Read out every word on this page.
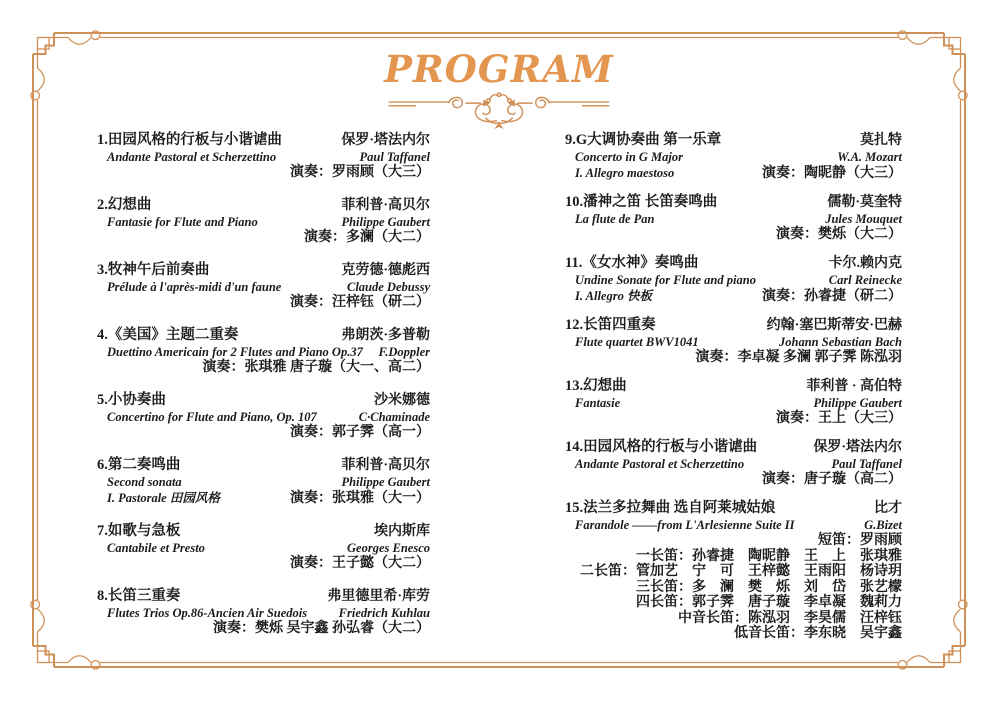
PROGRAM
1.田园风格的行板与小谐谑曲	保罗·塔法内尔
Andante Pastoral et Scherzettino	Paul Taffanel
演奏：罗雨顾（大三）
2.幻想曲	菲利普·高贝尔
Fantasie for Flute and Piano	Philippe Gaubert
演奏：多澜（大二）
3.牧神午后前奏曲	克劳德·德彪西
Prélude à l'après-midi d'un faune	Claude Debussy
演奏：汪梓钰（研二）
4.《美国》主题二重奏	弗朗茨·多普勒
Duettino Americain for 2 Flutes and Piano Op.37 F.Doppler
演奏：张琪雅 唐子璇（大一、高二）
5.小协奏曲	沙米娜德
Concertino for Flute and Piano, Op. 107	C·Chaminade
演奏：郭子霁（高一）
6.第二奏鸣曲	菲利普·高贝尔
Second sonata	Philippe Gaubert
I. Pastorale 田园风格	演奏：张琪雅（大一）
7.如歌与急板	埃内斯库
Cantabile et Presto	Georges Enesco
演奏：王子懿（大二）
8.长笛三重奏	弗里德里希·库劳
Flutes Trios Op.86-Ancien Air Suedois	Friedrich Kuhlau
演奏：樊烁 吴宇鑫 孙弘睿（大二）
9.G大调协奏曲 第一乐章	莫扎特
Concerto in G Major	W.A. Mozart
I. Allegro maestoso	演奏：陶昵静（大三）
10.潘神之笛 长笛奏鸣曲	儒勒·莫奎特
La flute de Pan	Jules Mouquet
演奏：樊烁（大二）
11.《女水神》奏鸣曲	卡尔.赖内克
Undine Sonate for Flute and piano	Carl Reinecke
I. Allegro 快板	演奏：孙睿捷（研二）
12.长笛四重奏	约翰·塞巴斯蒂安·巴赫
Flute quartet BWV1041	Johann Sebastian Bach
演奏：李卓凝 多澜 郭子霁 陈泓羽
13.幻想曲	菲利普 · 高伯特
Fantasie	Philippe Gaubert
演奏：王上（大三）
14.田园风格的行板与小谐谑曲	保罗·塔法内尔
Andante Pastoral et Scherzettino	Paul Taffanel
演奏：唐子璇（高二）
15.法兰多拉舞曲 选自阿莱城姑娘	比才
Farandole ——from L'Arlesienne Suite II	G.Bizet
短笛：罗雨顾
一长笛：孙睿捷　陶昵静　王　上　张琪雅
二长笛：管加艺　宁　可　王梓懿　王雨阳　杨诗玥
三长笛：多　澜　樊　烁　刘　岱　张艺檬
四长笛：郭子霁　唐子璇　李卓凝　魏莉力
中音长笛：陈泓羽　李昊儒　汪梓钰
低音长笛：李东晓　吴宇鑫
